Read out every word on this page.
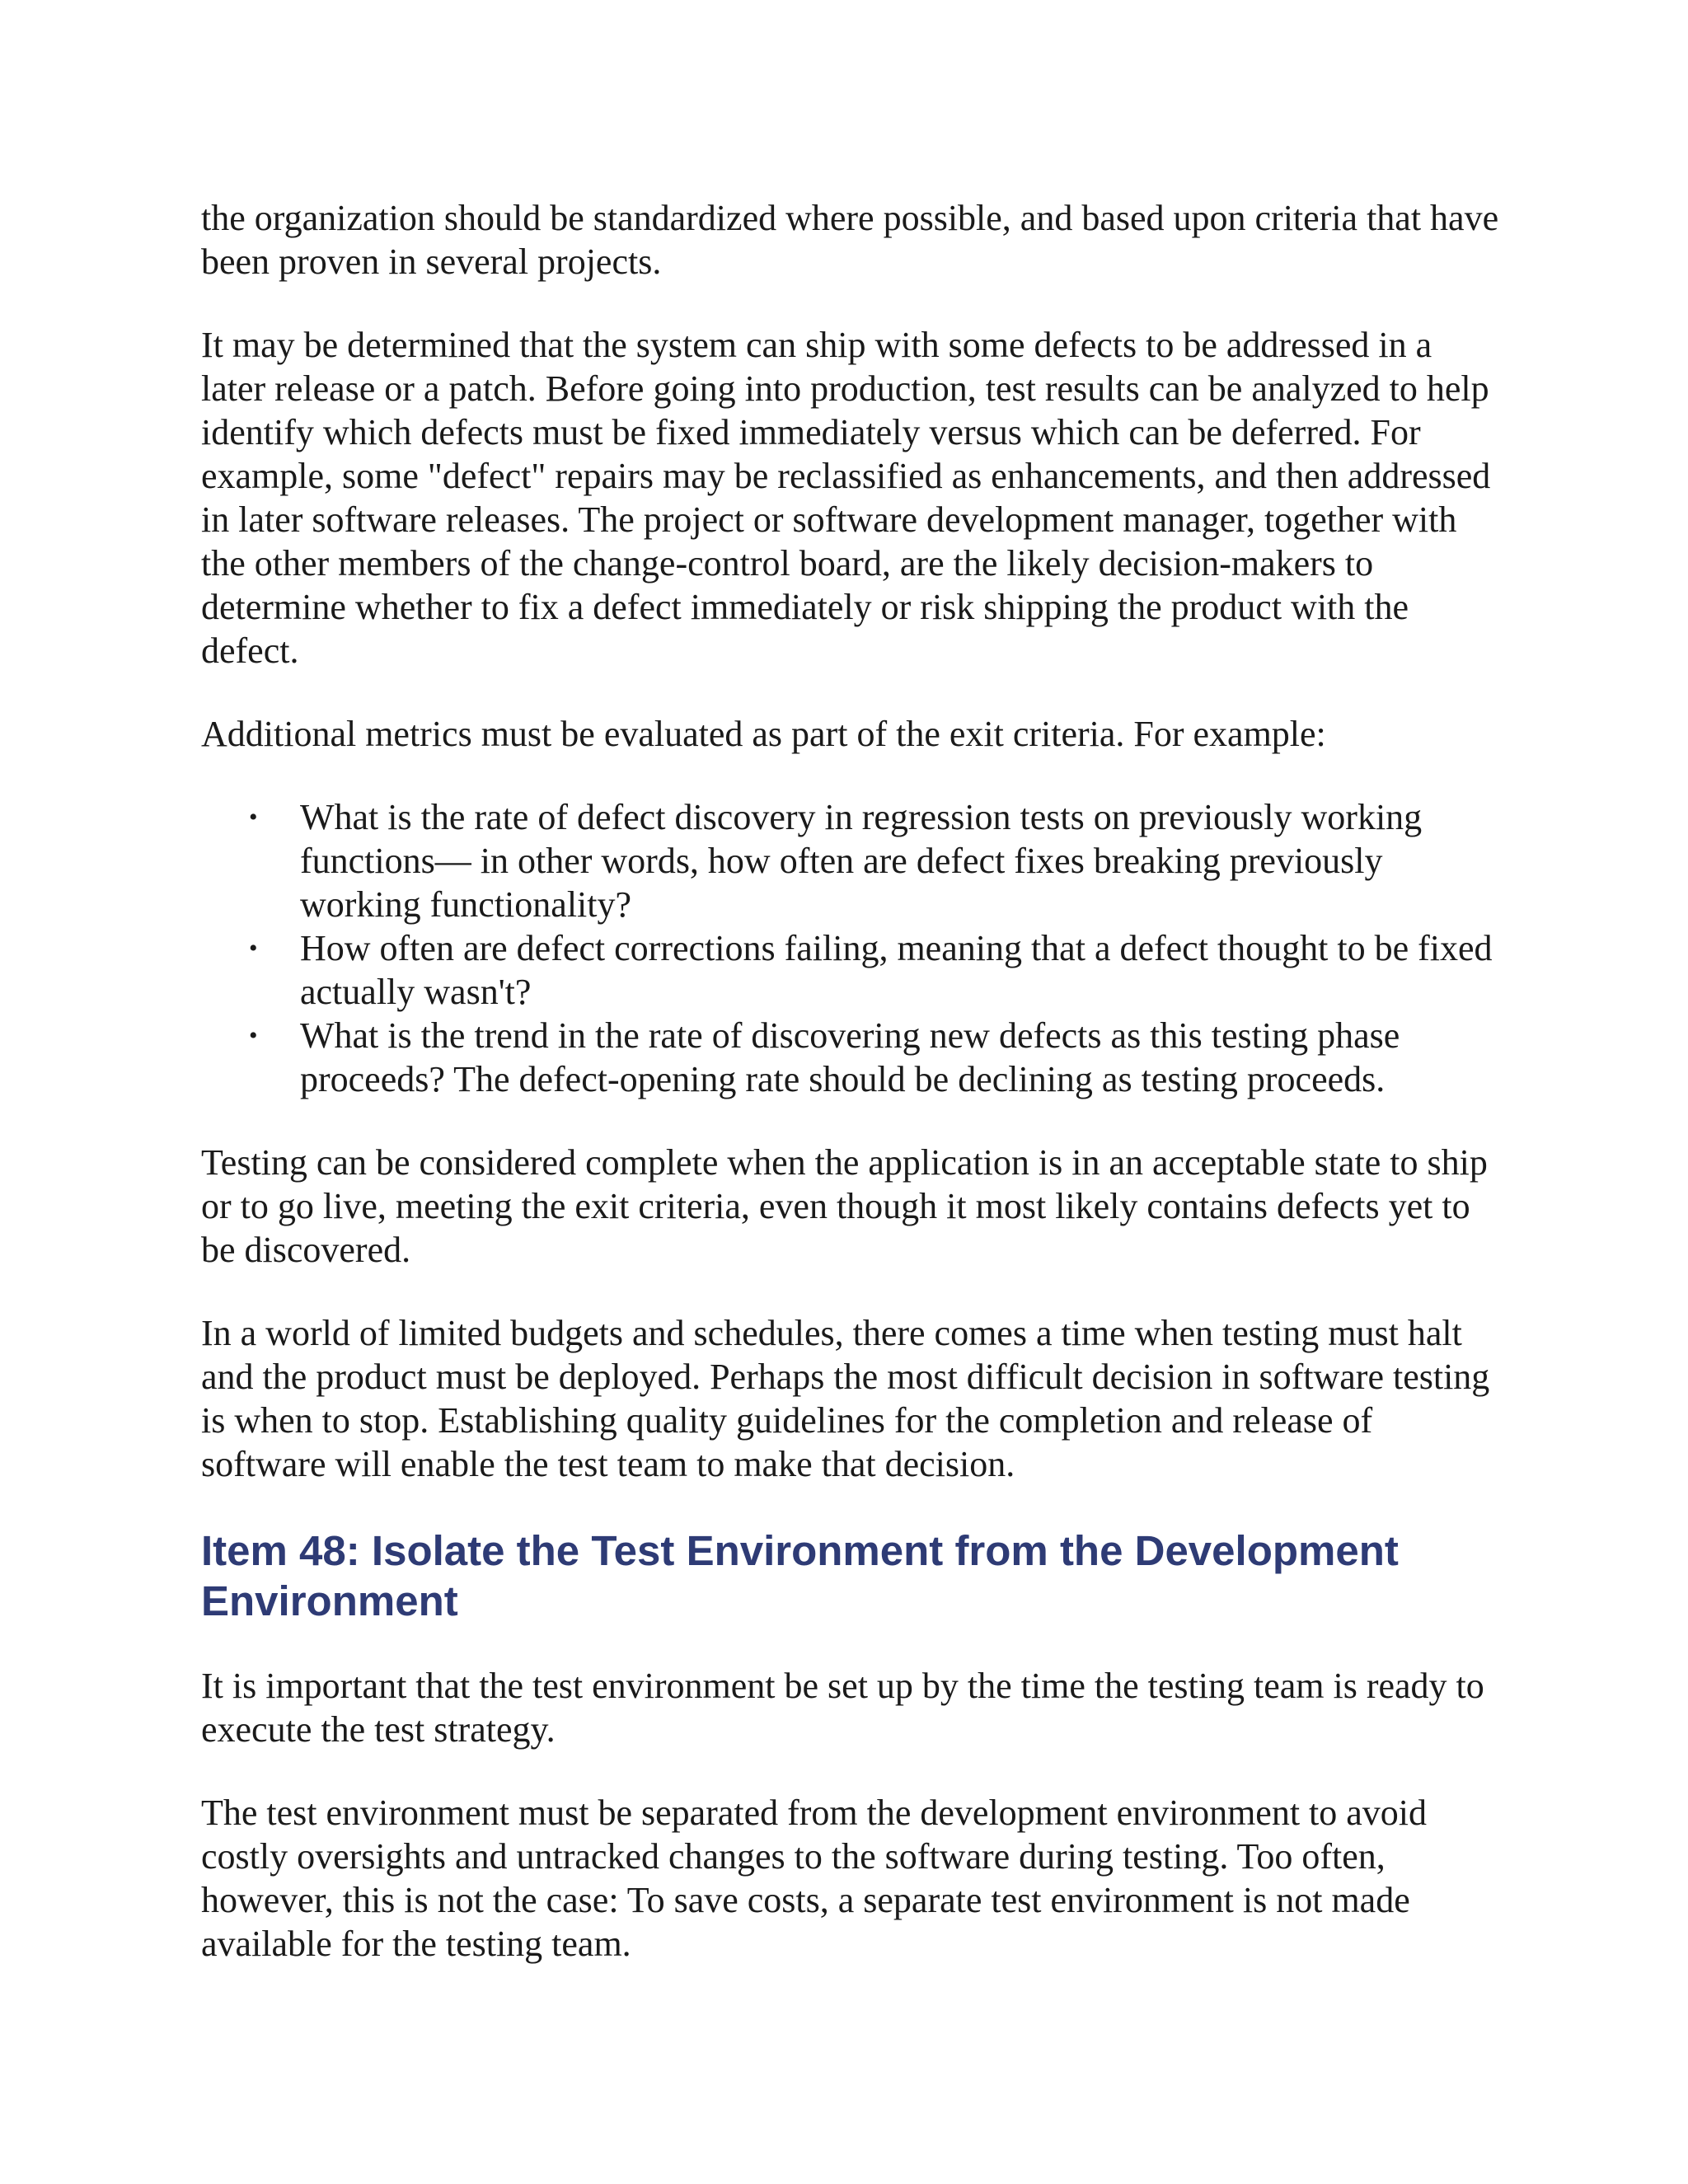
the organization should be standardized where possible, and based upon criteria that have been proven in several projects.

It may be determined that the system can ship with some defects to be addressed in a later release or a patch. Before going into production, test results can be analyzed to help identify which defects must be fixed immediately versus which can be deferred. For example, some "defect" repairs may be reclassified as enhancements, and then addressed in later software releases. The project or software development manager, together with the other members of the change-control board, are the likely decision-makers to determine whether to fix a defect immediately or risk shipping the product with the defect.

Additional metrics must be evaluated as part of the exit criteria. For example:

• What is the rate of defect discovery in regression tests on previously working functions— in other words, how often are defect fixes breaking previously working functionality?
• How often are defect corrections failing, meaning that a defect thought to be fixed actually wasn't?
• What is the trend in the rate of discovering new defects as this testing phase proceeds? The defect-opening rate should be declining as testing proceeds.

Testing can be considered complete when the application is in an acceptable state to ship or to go live, meeting the exit criteria, even though it most likely contains defects yet to be discovered.

In a world of limited budgets and schedules, there comes a time when testing must halt and the product must be deployed. Perhaps the most difficult decision in software testing is when to stop. Establishing quality guidelines for the completion and release of software will enable the test team to make that decision.

Item 48: Isolate the Test Environment from the Development Environment

It is important that the test environment be set up by the time the testing team is ready to execute the test strategy.

The test environment must be separated from the development environment to avoid costly oversights and untracked changes to the software during testing. Too often, however, this is not the case: To save costs, a separate test environment is not made available for the testing team.
